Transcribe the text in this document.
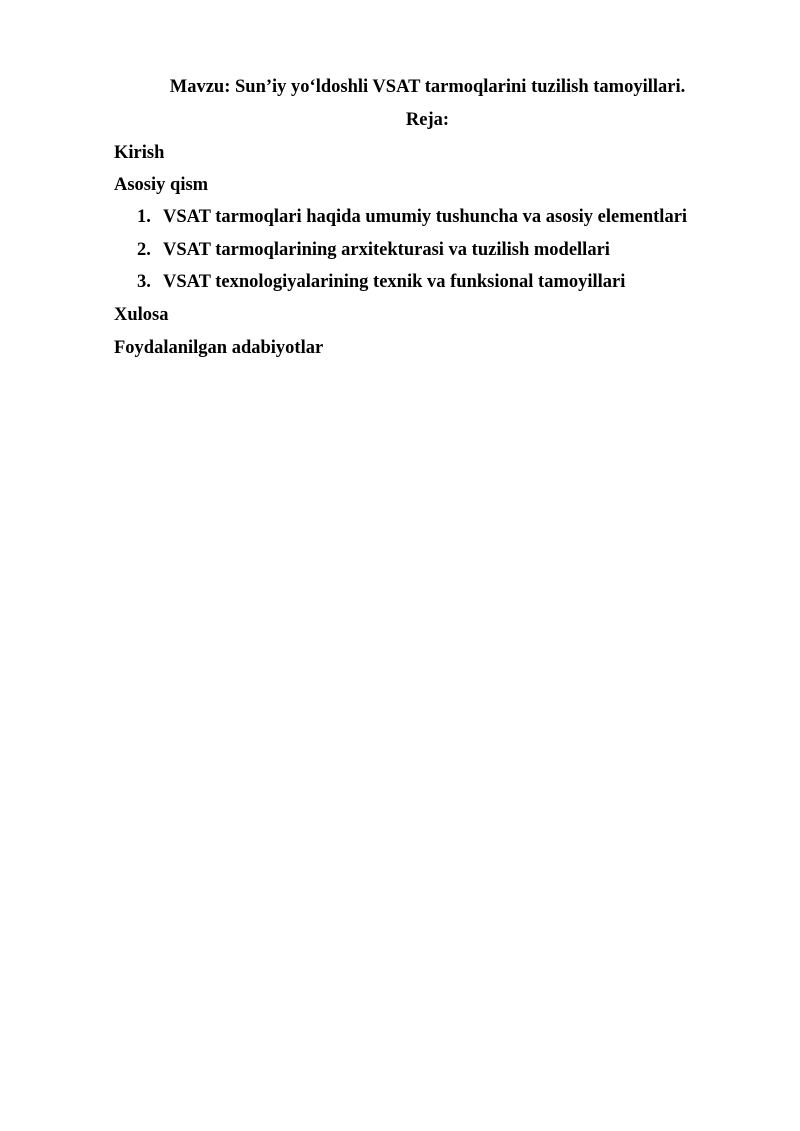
Mavzu: Sun’iy yo‘ldoshli VSAT tarmoqlarini tuzilish tamoyillari.
Reja:
Kirish
Asosiy qism
1. VSAT tarmoqlari haqida umumiy tushuncha va asosiy elementlari
2. VSAT tarmoqlarining arxitekturasi va tuzilish modellari
3. VSAT texnologiyalarining texnik va funksional tamoyillari
Xulosa
Foydalanilgan adabiyotlar
